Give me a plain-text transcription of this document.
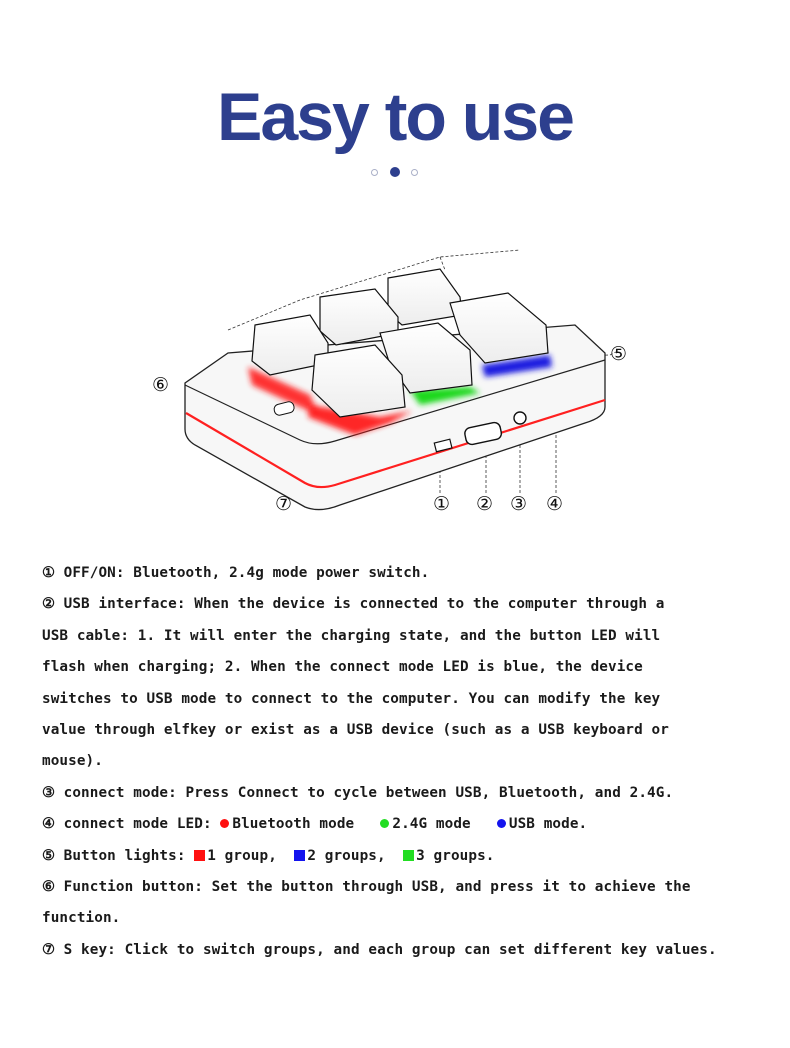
Easy to use
① ② ③ ④
⑤
⑥
⑦
① OFF/ON: Bluetooth, 2.4g mode power switch.
② USB interface: When the device is connected to the computer through a
USB cable: 1. It will enter the charging state, and the button LED will
flash when charging; 2. When the connect mode LED is blue, the device
switches to USB mode to connect to the computer. You can modify the key
value through elfkey or exist as a USB device (such as a USB keyboard or
mouse).
③ connect mode: Press Connect to cycle between USB, Bluetooth, and 2.4G.
④ connect mode LED: Bluetooth mode	2.4G mode	USB mode.
⑤ Button lights: 1 group, 2 groups, 3 groups.
⑥ Function button: Set the button through USB, and press it to achieve the
function.
⑦ S key: Click to switch groups, and each group can set different key values.
